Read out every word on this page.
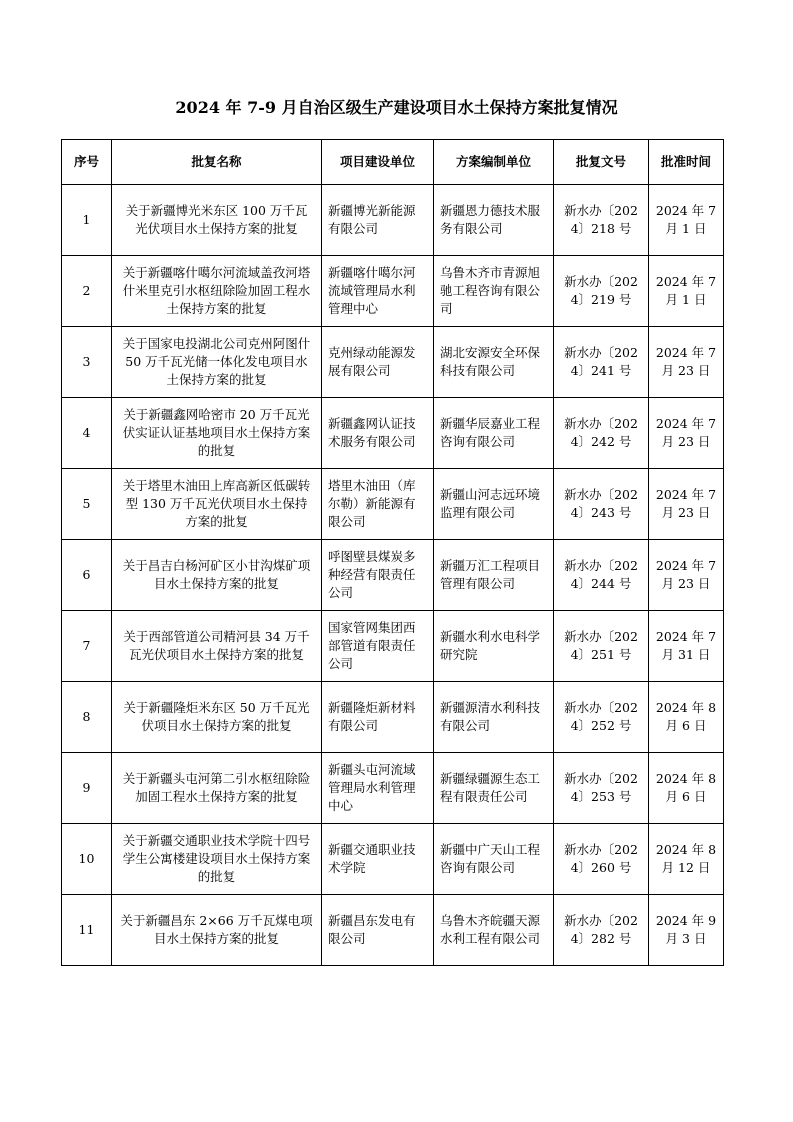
2024 年 7-9 月自治区级生产建设项目水土保持方案批复情况
序号	批复名称	项目建设单位	方案编制单位	批复文号	批准时间
1	关于新疆博光米东区 100 万千瓦光伏项目水土保持方案的批复	新疆博光新能源有限公司	新疆恩力德技术服务有限公司	新水办〔2024〕218 号	2024 年 7 月 1 日
2	关于新疆喀什噶尔河流域盖孜河塔什米里克引水枢纽除险加固工程水土保持方案的批复	新疆喀什噶尔河流域管理局水利管理中心	乌鲁木齐市青源旭驰工程咨询有限公司	新水办〔2024〕219 号	2024 年 7 月 1 日
3	关于国家电投湖北公司克州阿图什 50 万千瓦光储一体化发电项目水土保持方案的批复	克州绿动能源发展有限公司	湖北安源安全环保科技有限公司	新水办〔2024〕241 号	2024 年 7 月 23 日
4	关于新疆鑫网哈密市 20 万千瓦光伏实证认证基地项目水土保持方案的批复	新疆鑫网认证技术服务有限公司	新疆华辰嘉业工程咨询有限公司	新水办〔2024〕242 号	2024 年 7 月 23 日
5	关于塔里木油田上库高新区低碳转型 130 万千瓦光伏项目水土保持方案的批复	塔里木油田（库尔勒）新能源有限公司	新疆山河志远环境监理有限公司	新水办〔2024〕243 号	2024 年 7 月 23 日
6	关于昌吉白杨河矿区小甘沟煤矿项目水土保持方案的批复	呼图壁县煤炭多种经营有限责任公司	新疆万汇工程项目管理有限公司	新水办〔2024〕244 号	2024 年 7 月 23 日
7	关于西部管道公司精河县 34 万千瓦光伏项目水土保持方案的批复	国家管网集团西部管道有限责任公司	新疆水利水电科学研究院	新水办〔2024〕251 号	2024 年 7 月 31 日
8	关于新疆隆炬米东区 50 万千瓦光伏项目水土保持方案的批复	新疆隆炬新材料有限公司	新疆源清水利科技有限公司	新水办〔2024〕252 号	2024 年 8 月 6 日
9	关于新疆头屯河第二引水枢纽除险加固工程水土保持方案的批复	新疆头屯河流域管理局水利管理中心	新疆绿疆源生态工程有限责任公司	新水办〔2024〕253 号	2024 年 8 月 6 日
10	关于新疆交通职业技术学院十四号学生公寓楼建设项目水土保持方案的批复	新疆交通职业技术学院	新疆中广天山工程咨询有限公司	新水办〔2024〕260 号	2024 年 8 月 12 日
11	关于新疆昌东 2×66 万千瓦煤电项目水土保持方案的批复	新疆昌东发电有限公司	乌鲁木齐皖疆天源水利工程有限公司	新水办〔2024〕282 号	2024 年 9 月 3 日
